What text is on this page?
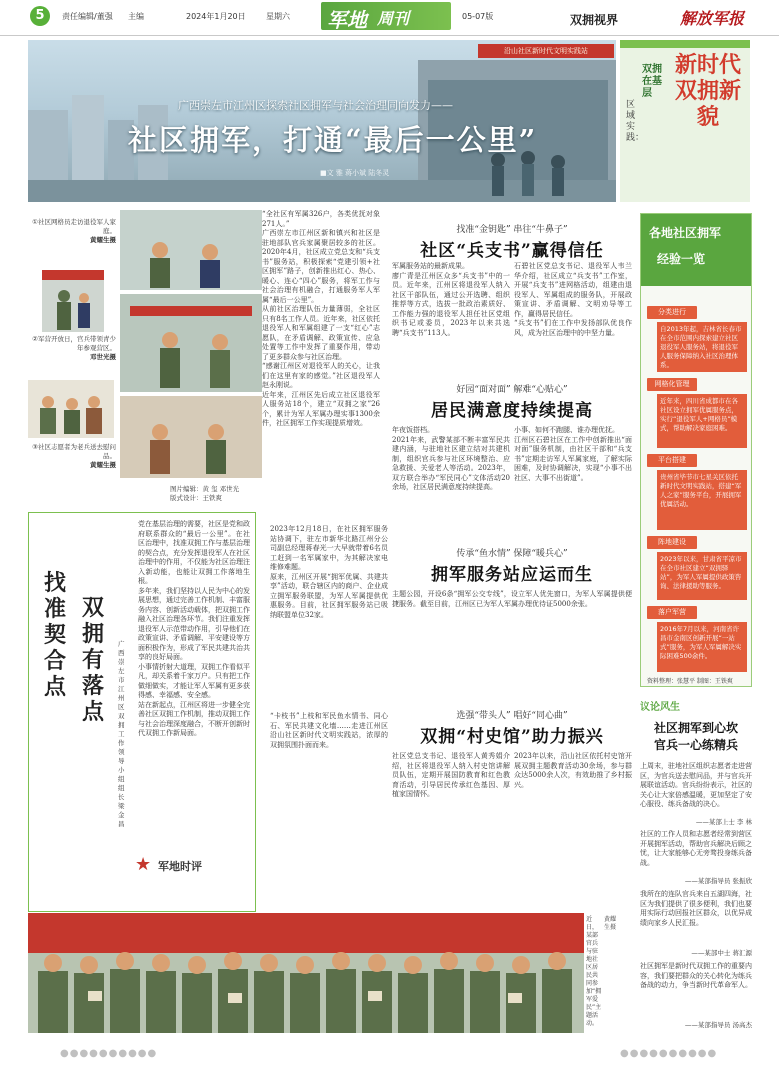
5	责任编辑/董强 主编	2024年1月20日	星期六 军地 周刊	05-07版	双拥视界	解放军报
沿山社区新时代文明实践站
广西崇左市江州区探索社区拥军与社会治理同向发力——
社区拥军，打通“最后一公里”
■文 雅 蒋小斌 陆冬灵
区域实践：
双拥在基层
新时代双拥新貌
①社区网格员走访退役军人家庭。
黄耀生摄
②军营开放日，官兵带领青少年参观营区。
邓世光摄
③社区志愿者为老兵送去慰问品。
黄耀生摄
图片编辑：黄 玺 邓世光
版式设计：王铁爽

“全社区有军属326户，各类优抚对象271人。”

广西崇左市江州区新和镇兴和社区是驻地部队官兵家属聚居较多的社区。2020年4月，社区成立党总支和“兵支书”服务站，积极探索“党建引领+社区拥军”路子，创新推出红心、热心、暖心、连心“四心”服务，将军工作与社会治理有机融合，打通服务军人军属“最后一公里”。

从前社区治理队伍力量薄弱，全社区只有8名工作人员。近年来，社区依托退役军人和军属组建了一支“红心”志愿队，在矛盾调解、政策宣传、应急处置等工作中发挥了重要作用，带动了更多群众参与社区治理。

“感谢江州区对退役军人的关心，让我们在这里有家的感觉。”社区退役军人赵永刚说。

近年来，江州区先后成立社区退役军人服务站18个，建立“双拥之家”26个，累计为军人军属办理实事1300余件，社区拥军工作实现提质增效。

找准契合点
双拥有落点
广西崇左市江州区双拥工作领导小组组长 梁金昌

党在基层治理的需要，社区是党和政府联系群众的“最后一公里”。在社区治理中，找准双拥工作与基层治理的契合点，充分发挥退役军人在社区治理中的作用，不仅能为社区治理注入新动能，也能让双拥工作落地生根。

多年来，我们坚持以人民为中心的发展思想，通过完善工作机制、丰富服务内容、创新活动载体，把双拥工作融入社区治理各环节。我们注重发挥退役军人示范带动作用，引导他们在政策宣讲、矛盾调解、平安建设等方面积极作为，形成了军民共建共治共享的良好局面。

小事情折射大道理，双拥工作看似平凡，却关系着千家万户。只有把工作做细做实，才能让军人军属有更多获得感、幸福感、安全感。

站在新起点，江州区将进一步健全完善社区双拥工作机制，推动双拥工作与社会治理深度融合，不断开创新时代双拥工作新局面。

★ 军地时评
找准“金钥匙” 串往“牛鼻子”
社区“兵支书”赢得信任

军属服务站的最新成果。

廖广青是江州区众多“兵支书”中的一员。近年来，江州区将退役军人纳入社区干部队伍，通过公开选聘、组织推荐等方式，选拔一批政治素质好、工作能力强的退役军人担任社区党组织书记或委员，2023年以来共选聘“兵支书”113人。

石碧社区党总支书记、退役军人韦兰华介绍，社区成立“兵支书”工作室，开展“兵支书”进网格活动，组建由退役军人、军属组成的服务队，开展政策宣讲、矛盾调解、文明劝导等工作，赢得居民信任。

“兵支书”们在工作中发扬部队优良作风，成为社区治理中的中坚力量。

好园“面对面” 解难“心贴心”
居民满意度持续提高

年夜饭搭档。

2021年来，武警某部不断丰富军民共建内涵，与驻地社区建立结对共建机制，组织官兵参与社区环境整治、应急救援、关爱老人等活动。2023年，双方联合举办“军民同心”文体活动20余场，社区居民满意度持续提高。

小事、如何不跑腿、谁办理优抚。

江州区石碧社区在工作中创新推出“面对面”服务机制，由社区干部和“兵支书”定期走访军人军属家庭，了解实际困难，及时协调解决，实现“小事不出社区、大事不出街道”。

传承“鱼水情” 保障“暖兵心”
拥军服务站应运而生

2023年12月18日，在社区拥军服务站协调下，驻左市新华北路江州分公司副总经理蒋春光一大早就带着6名员工赶到一名军属家中，为其解决家电维修难题。

原来，江州区开展“拥军优属、共建共享”活动，联合辖区内的商户、企业成立拥军服务联盟，为军人军属提供优惠服务。目前，社区拥军服务站已吸纳联盟单位32家。

主题公园，开设6条“拥军公交专线”，设立军人优先窗口，为军人军属提供便捷服务。截至目前，江州区已为军人军属办理优待证5000余张。

选强“带头人” 唱好“同心曲”
双拥“村史馆”助力振兴

“卡枝书”上枝和军民鱼水情书、同心石、军民共建文化墙……走进江州区沿山社区新时代文明实践站，浓厚的双拥氛围扑面而来。

社区党总支书记、退役军人黄秀娟介绍，社区将退役军人纳入村史馆讲解员队伍，定期开展国防教育和红色教育活动，引导居民传承红色基因、厚植家国情怀。

2023年以来，沿山社区依托村史馆开展双拥主题教育活动30余场，参与群众达5000余人次，有效助推了乡村振兴。

各地社区拥军
经验一览
分类进行
自2013年起，吉林省长春市在全市范围内探索建立社区退役军人服务站，将退役军人服务保障纳入社区治理体系。
网格化管理
近年来，四川省成都市在各社区设立拥军优属服务点，实行“退役军人+网格员”模式，帮助解决家庭困难。
平台搭建
贵州省毕节市七星关区依托新时代文明实践站，搭建“军人之家”服务平台，开展拥军优属活动。
阵地建设
2023年以来，甘肃省平凉市在全市社区建立“双拥驿站”，为军人军属提供政策咨询、法律援助等服务。
落户军营
2016年7月以来，河南省许昌市金南区创新开展“一站式”服务，为军人军属解决实际困难500余件。
资料整理：张慧平 制图：王铁爽
议论风生
社区拥军到心坎
官兵一心练精兵
上周末，驻地社区组织志愿者走进营区，为官兵送去慰问品，并与官兵开展联谊活动。官兵纷纷表示，社区的关心让大家倍感温暖，更加坚定了安心服役、练兵备战的决心。
——某部上士 李 林
社区的工作人员和志愿者经常到营区开展拥军活动，帮助官兵解决后顾之忧，让大家能够心无旁骛投身练兵备战。
——某部指导员 张振欣
我所在的连队官兵来自五湖四海，社区为我们提供了很多便利，我们也要用实际行动回报社区群众，以优异成绩向家乡人民汇报。
——某部中士 蒋汇源
社区拥军是新时代双拥工作的重要内容，我们要把群众的关心转化为练兵备战的动力，争当新时代革命军人。
——某部指导员 汤高杰
近日，某部官兵与驻地社区居民共同参加“拥军爱民”主题活动。
黄耀生摄
●●●●●●●●●●	●●●●●●●●●●
